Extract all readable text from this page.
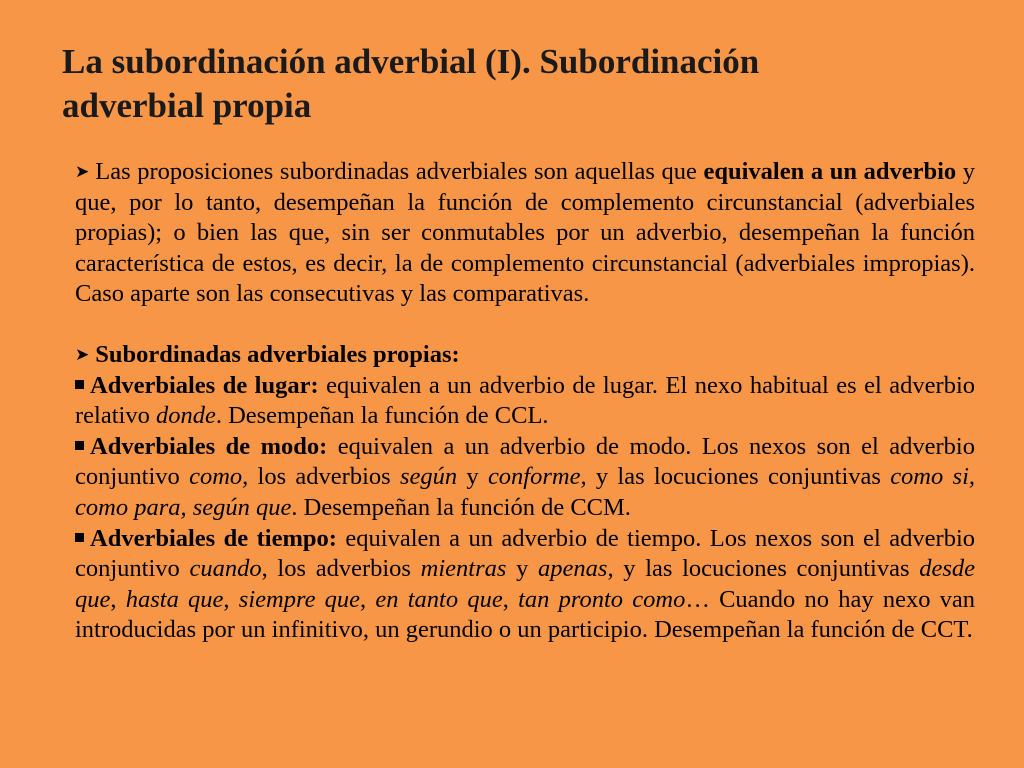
La subordinación adverbial (I). Subordinación
adverbial propia

➤ Las proposiciones subordinadas adverbiales son aquellas que equivalen a un adverbio y que, por lo tanto, desempeñan la función de complemento circunstancial (adverbiales propias); o bien las que, sin ser conmutables por un adverbio, desempeñan la función característica de estos, es decir, la de complemento circunstancial (adverbiales impropias). Caso aparte son las consecutivas y las comparativas.

➤ Subordinadas adverbiales propias:

Adverbiales de lugar: equivalen a un adverbio de lugar. El nexo habitual es el adverbio relativo donde. Desempeñan la función de CCL.

Adverbiales de modo: equivalen a un adverbio de modo. Los nexos son el adverbio conjuntivo como, los adverbios según y conforme, y las locuciones conjuntivas como si, como para, según que. Desempeñan la función de CCM.

Adverbiales de tiempo: equivalen a un adverbio de tiempo. Los nexos son el adverbio conjuntivo cuando, los adverbios mientras y apenas, y las locuciones conjuntivas desde que, hasta que, siempre que, en tanto que, tan pronto como… Cuando no hay nexo van introducidas por un infinitivo, un gerundio o un participio. Desempeñan la función de CCT.
